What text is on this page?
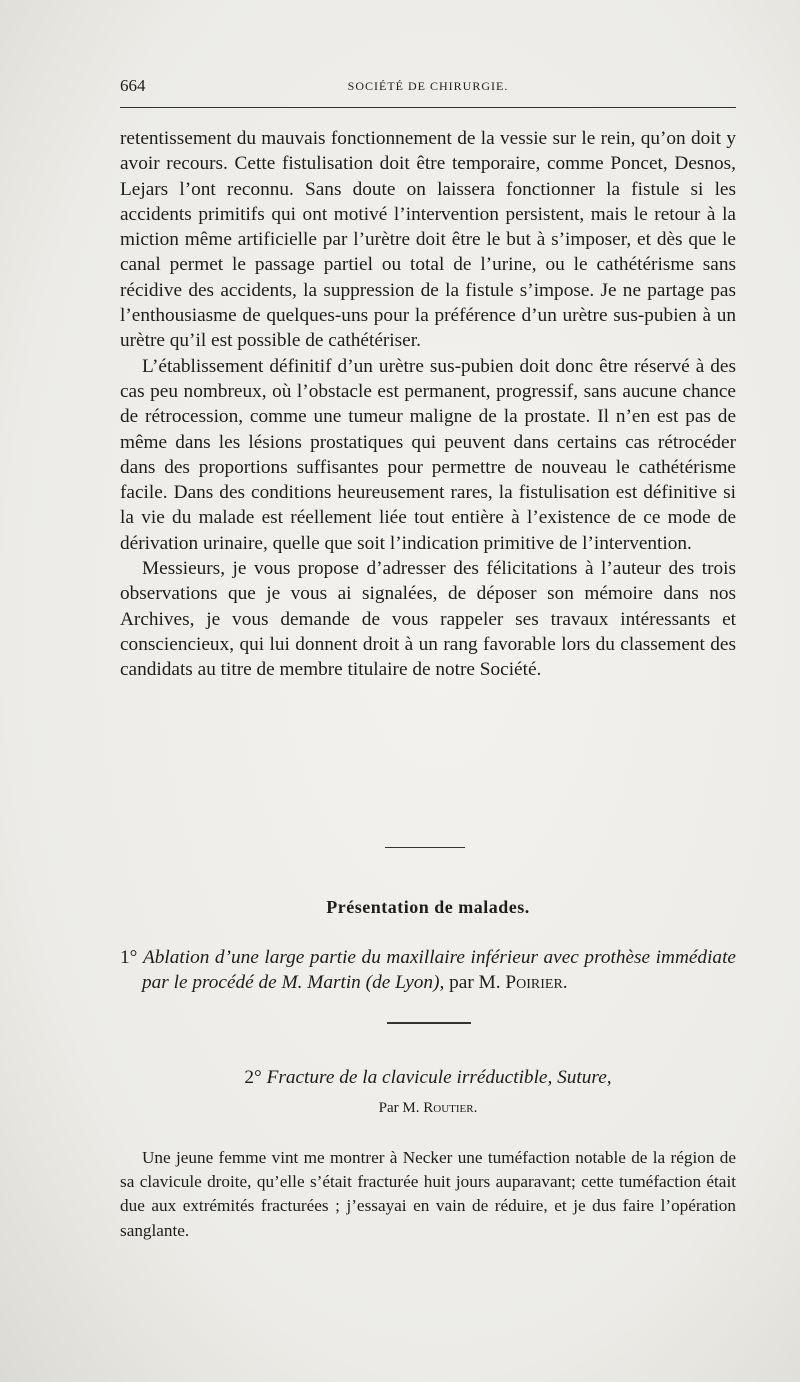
664	SOCIÉTÉ DE CHIRURGIE.

retentissement du mauvais fonctionnement de la vessie sur le rein, qu’on doit y avoir recours. Cette fistulisation doit être temporaire, comme Poncet, Desnos, Lejars l’ont reconnu. Sans doute on laissera fonctionner la fistule si les accidents primitifs qui ont motivé l’intervention persistent, mais le retour à la miction même artificielle par l’urètre doit être le but à s’imposer, et dès que le canal permet le passage partiel ou total de l’urine, ou le cathétérisme sans récidive des accidents, la suppression de la fistule s’impose. Je ne partage pas l’enthousiasme de quelques-uns pour la préférence d’un urètre sus-pubien à un urètre qu’il est possible de cathétériser.

L’établissement définitif d’un urètre sus-pubien doit donc être réservé à des cas peu nombreux, où l’obstacle est permanent, progressif, sans aucune chance de rétrocession, comme une tumeur maligne de la prostate. Il n’en est pas de même dans les lésions prostatiques qui peuvent dans certains cas rétrocéder dans des proportions suffisantes pour permettre de nouveau le cathétérisme facile. Dans des conditions heureusement rares, la fistulisation est définitive si la vie du malade est réellement liée tout entière à l’existence de ce mode de dérivation urinaire, quelle que soit l’indication primitive de l’intervention.

Messieurs, je vous propose d’adresser des félicitations à l’auteur des trois observations que je vous ai signalées, de déposer son mémoire dans nos Archives, je vous demande de vous rappeler ses travaux intéressants et consciencieux, qui lui donnent droit à un rang favorable lors du classement des candidats au titre de membre titulaire de notre Société.

Présentation de malades.
1° Ablation d’une large partie du maxillaire inférieur avec prothèse immédiate par le procédé de M. Martin (de Lyon), par M. Poirier.
2° Fracture de la clavicule irréductible, Suture,
Par M. Routier.

Une jeune femme vint me montrer à Necker une tuméfaction notable de la région de sa clavicule droite, qu’elle s’était fracturée huit jours auparavant; cette tuméfaction était due aux extrémités fracturées ; j’essayai en vain de réduire, et je dus faire l’opération sanglante.
